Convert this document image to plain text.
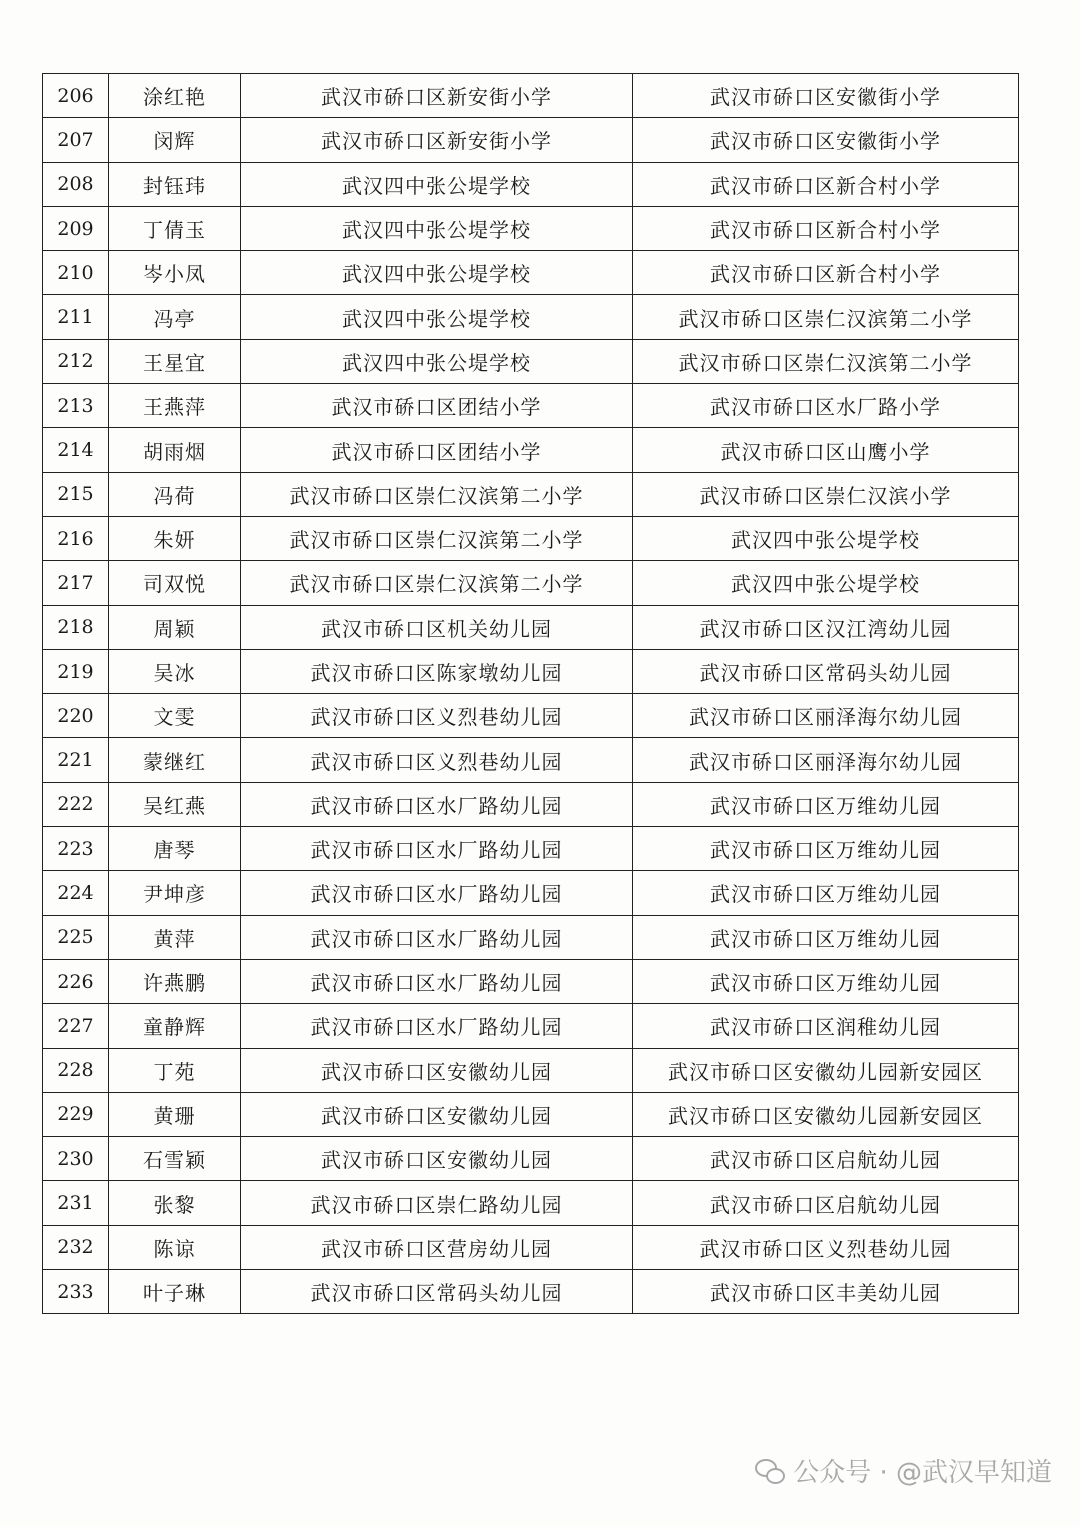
206	涂红艳	武汉市硚口区新安街小学	武汉市硚口区安徽街小学
207	闵辉	武汉市硚口区新安街小学	武汉市硚口区安徽街小学
208	封钰玮	武汉四中张公堤学校	武汉市硚口区新合村小学
209	丁倩玉	武汉四中张公堤学校	武汉市硚口区新合村小学
210	岑小凤	武汉四中张公堤学校	武汉市硚口区新合村小学
211	冯亭	武汉四中张公堤学校	武汉市硚口区崇仁汉滨第二小学
212	王星宜	武汉四中张公堤学校	武汉市硚口区崇仁汉滨第二小学
213	王燕萍	武汉市硚口区团结小学	武汉市硚口区水厂路小学
214	胡雨烟	武汉市硚口区团结小学	武汉市硚口区山鹰小学
215	冯荷	武汉市硚口区崇仁汉滨第二小学	武汉市硚口区崇仁汉滨小学
216	朱妍	武汉市硚口区崇仁汉滨第二小学	武汉四中张公堤学校
217	司双悦	武汉市硚口区崇仁汉滨第二小学	武汉四中张公堤学校
218	周颖	武汉市硚口区机关幼儿园	武汉市硚口区汉江湾幼儿园
219	吴冰	武汉市硚口区陈家墩幼儿园	武汉市硚口区常码头幼儿园
220	文雯	武汉市硚口区义烈巷幼儿园	武汉市硚口区丽泽海尔幼儿园
221	蒙继红	武汉市硚口区义烈巷幼儿园	武汉市硚口区丽泽海尔幼儿园
222	吴红燕	武汉市硚口区水厂路幼儿园	武汉市硚口区万维幼儿园
223	唐琴	武汉市硚口区水厂路幼儿园	武汉市硚口区万维幼儿园
224	尹坤彦	武汉市硚口区水厂路幼儿园	武汉市硚口区万维幼儿园
225	黄萍	武汉市硚口区水厂路幼儿园	武汉市硚口区万维幼儿园
226	许燕鹏	武汉市硚口区水厂路幼儿园	武汉市硚口区万维幼儿园
227	童静辉	武汉市硚口区水厂路幼儿园	武汉市硚口区润稚幼儿园
228	丁苑	武汉市硚口区安徽幼儿园	武汉市硚口区安徽幼儿园新安园区
229	黄珊	武汉市硚口区安徽幼儿园	武汉市硚口区安徽幼儿园新安园区
230	石雪颖	武汉市硚口区安徽幼儿园	武汉市硚口区启航幼儿园
231	张黎	武汉市硚口区崇仁路幼儿园	武汉市硚口区启航幼儿园
232	陈谅	武汉市硚口区营房幼儿园	武汉市硚口区义烈巷幼儿园
233	叶子琳	武汉市硚口区常码头幼儿园	武汉市硚口区丰美幼儿园
公众号 · @武汉早知道
